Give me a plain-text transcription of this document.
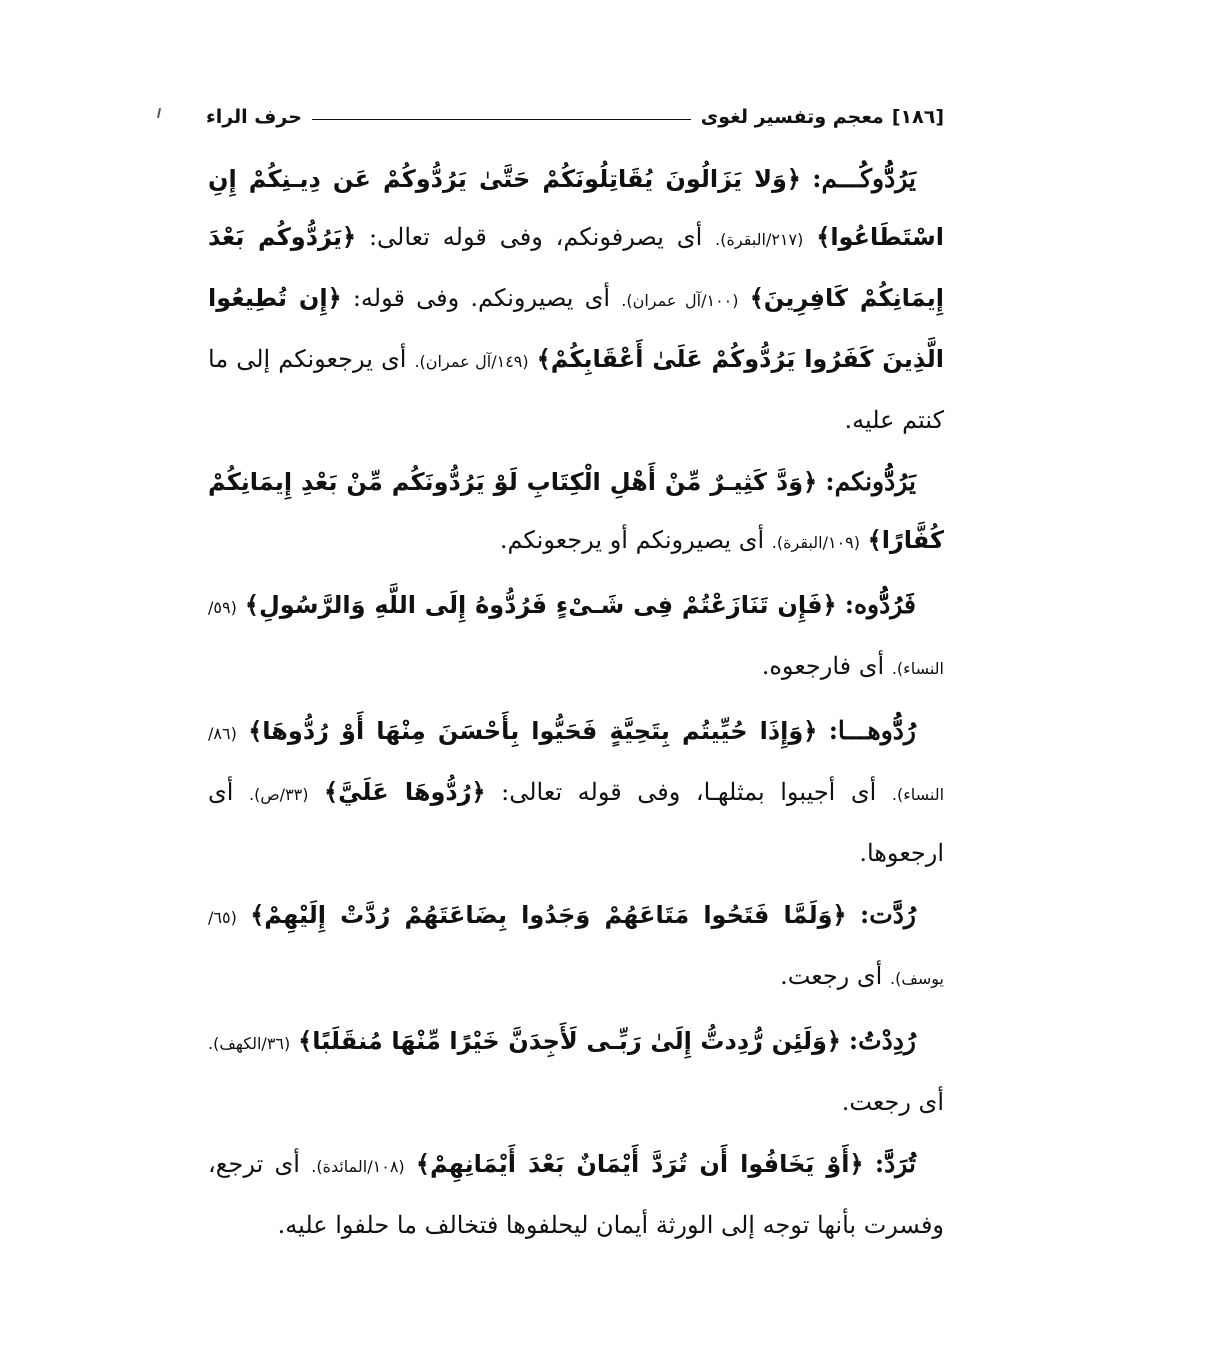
[١٨٦]
معجم وتفسير لغوى
حرف الراء

يَرُدُّوكُـــم: ﴿وَلا يَزَالُونَ يُقَاتِلُونَكُمْ حَتَّىٰ يَرُدُّوكُمْ عَن دِيـنِكُمْ إِنِ اسْتَطَاعُوا﴾ (٢١٧/البقرة). أى يصرفونكم، وفى قوله تعالى: ﴿يَرُدُّوكُم بَعْدَ إِيمَانِكُمْ كَافِرِينَ﴾ (١٠٠/آل عمران). أى يصيرونكم. وفى قوله: ﴿إِن تُطِيعُوا الَّذِينَ كَفَرُوا يَرُدُّوكُمْ عَلَىٰ أَعْقَابِكُمْ﴾ (١٤٩/آل عمران). أى يرجعونكم إلى ما كنتم عليه.

يَرُدُّونكم: ﴿وَدَّ كَثِيـرٌ مِّنْ أَهْلِ الْكِتَابِ لَوْ يَرُدُّونَكُم مِّنْ بَعْدِ إِيمَانِكُمْ كُفَّارًا﴾ (١٠٩/البقرة). أى يصيرونكم أو يرجعونكم.

فَرُدُّوه: ﴿فَإِن تَنَازَعْتُمْ فِى شَـىْءٍ فَرُدُّوهُ إِلَى اللَّهِ وَالرَّسُولِ﴾ (٥٩/النساء). أى فارجعوه.

رُدُّوهـــا: ﴿وَإِذَا حُيِّيتُم بِتَحِيَّةٍ فَحَيُّوا بِأَحْسَنَ مِنْهَا أَوْ رُدُّوهَا﴾ (٨٦/النساء). أى أجيبوا بمثلهـا، وفى قوله تعالى: ﴿رُدُّوهَا عَلَيَّ﴾ (٣٣/ص). أى ارجعوها.

رُدَّت: ﴿وَلَمَّا فَتَحُوا مَتَاعَهُمْ وَجَدُوا بِضَاعَتَهُمْ رُدَّتْ إِلَيْهِمْ﴾ (٦٥/يوسف). أى رجعت.

رُدِدْتُ: ﴿وَلَئِن رُّدِدتُّ إِلَىٰ رَبِّـى لَأَجِدَنَّ خَيْرًا مِّنْهَا مُنقَلَبًا﴾ (٣٦/الكهف). أى رجعت.

تُرَدَّ: ﴿أَوْ يَخَافُوا أَن تُرَدَّ أَيْمَانٌ بَعْدَ أَيْمَانِهِمْ﴾ (١٠٨/المائدة). أى ترجع، وفسرت بأنها توجه إلى الورثة أيمان ليحلفوها فتخالف ما حلفوا عليه.
